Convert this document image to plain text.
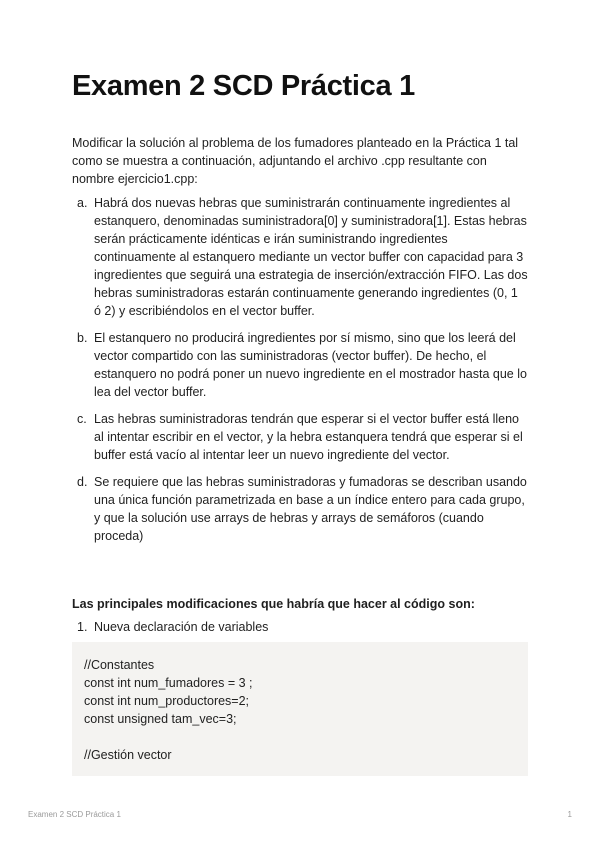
Examen 2 SCD Práctica 1

Modificar la solución al problema de los fumadores planteado en la Práctica 1 tal como se muestra a continuación, adjuntando el archivo .cpp resultante con nombre ejercicio1.cpp:

a. Habrá dos nuevas hebras que suministrarán continuamente ingredientes al estanquero, denominadas suministradora[0] y suministradora[1]. Estas hebras serán prácticamente idénticas e irán suministrando ingredientes continuamente al estanquero mediante un vector buffer con capacidad para 3 ingredientes que seguirá una estrategia de inserción/extracción FIFO. Las dos hebras suministradoras estarán continuamente generando ingredientes (0, 1 ó 2) y escribiéndolos en el vector buffer.
b. El estanquero no producirá ingredientes por sí mismo, sino que los leerá del vector compartido con las suministradoras (vector buffer). De hecho, el estanquero no podrá poner un nuevo ingrediente en el mostrador hasta que lo lea del vector buffer.
c. Las hebras suministradoras tendrán que esperar si el vector buffer está lleno al intentar escribir en el vector, y la hebra estanquera tendrá que esperar si el buffer está vacío al intentar leer un nuevo ingrediente del vector.
d. Se requiere que las hebras suministradoras y fumadoras se describan usando una única función parametrizada en base a un índice entero para cada grupo, y que la solución use arrays de hebras y arrays de semáforos (cuando proceda)

Las principales modificaciones que habría que hacer al código son:

1. Nueva declaración de variables
//Constantes
const int num_fumadores = 3 ;
const int num_productores=2;
const unsigned tam_vec=3;
//Gestión vector
Examen 2 SCD Práctica 1	1
